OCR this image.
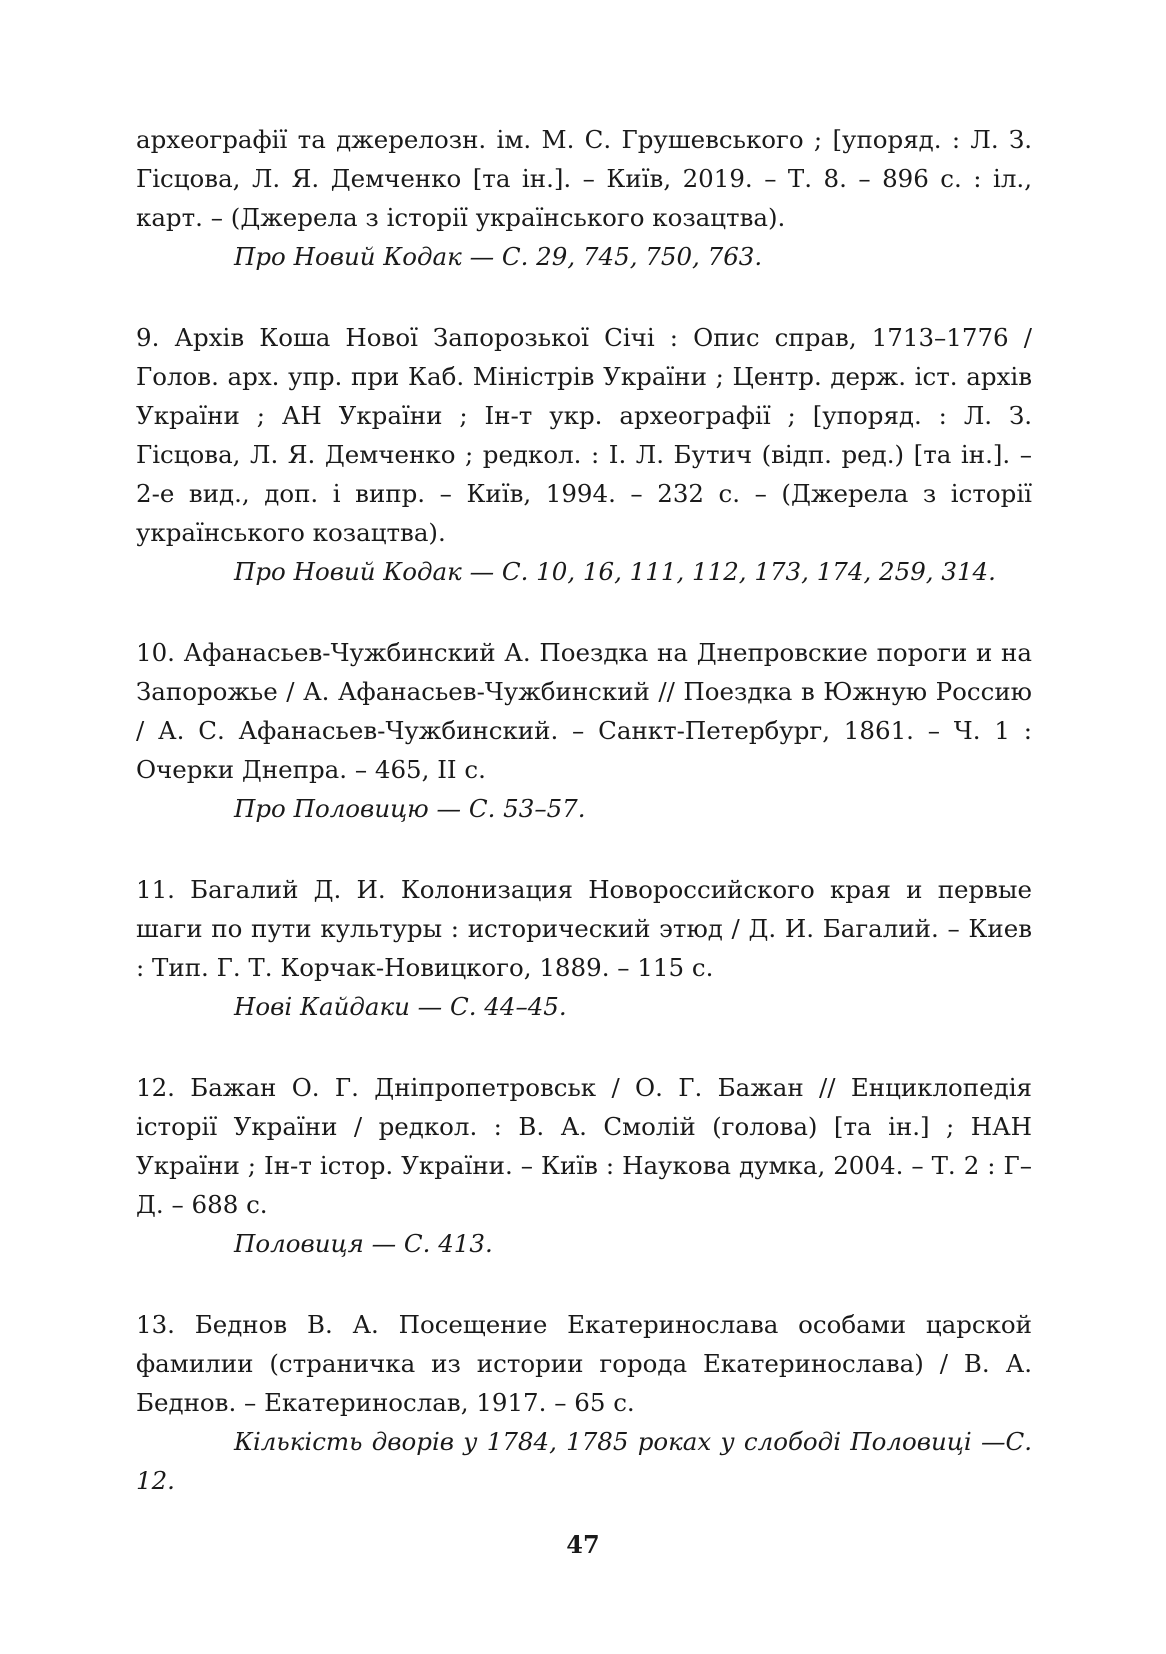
археографії та джерелозн. ім. М. С. Грушевського ; [упоряд. : Л. З. Гісцова, Л. Я. Демченко [та ін.]. – Київ, 2019. – Т. 8. – 896 с. : іл., карт. – (Джерела з історії українського козацтва).

Про Новий Кодак — С. 29, 745, 750, 763.

9. Архів Коша Нової Запорозької Січі : Опис справ, 1713–1776 / Голов. арх. упр. при Каб. Міністрів України ; Центр. держ. іст. архів України ; АН України ; Ін-т укр. археографії ; [упоряд. : Л. З. Гісцова, Л. Я. Демченко ; редкол. : І. Л. Бутич (відп. ред.) [та ін.]. – 2-е вид., доп. і випр. – Київ, 1994. – 232 с. – (Джерела з історії українського козацтва).

Про Новий Кодак — С. 10, 16, 111, 112, 173, 174, 259, 314.

10. Афанасьев-Чужбинский А. Поездка на Днепровские пороги и на Запорожье / А. Афанасьев-Чужбинский // Поездка в Южную Россию / А. С. Афанасьев-Чужбинский. – Санкт-Петербург, 1861. – Ч. 1 : Очерки Днепра. – 465, II с.

Про Половицю — С. 53–57.

11. Багалий Д. И. Колонизация Новороссийского края и первые шаги по пути культуры : исторический этюд / Д. И. Багалий. – Киев : Тип. Г. Т. Корчак-Новицкого, 1889. – 115 с.

Нові Кайдаки — С. 44–45.

12. Бажан О. Г. Дніпропетровськ / О. Г. Бажан // Енциклопедія історії України / редкол. : В. А. Смолій (голова) [та ін.] ; НАН України ; Ін-т істор. України. – Київ : Наукова думка, 2004. – Т. 2 : Г–Д. – 688 с.

Половиця — С. 413.

13. Беднов В. А. Посещение Екатеринослава особами царской фамилии (страничка из истории города Екатеринослава) / В. А. Беднов. – Екатеринослав, 1917. – 65 с.

Кількість дворів у 1784, 1785 роках у слободі Половиці —С. 12.

47
